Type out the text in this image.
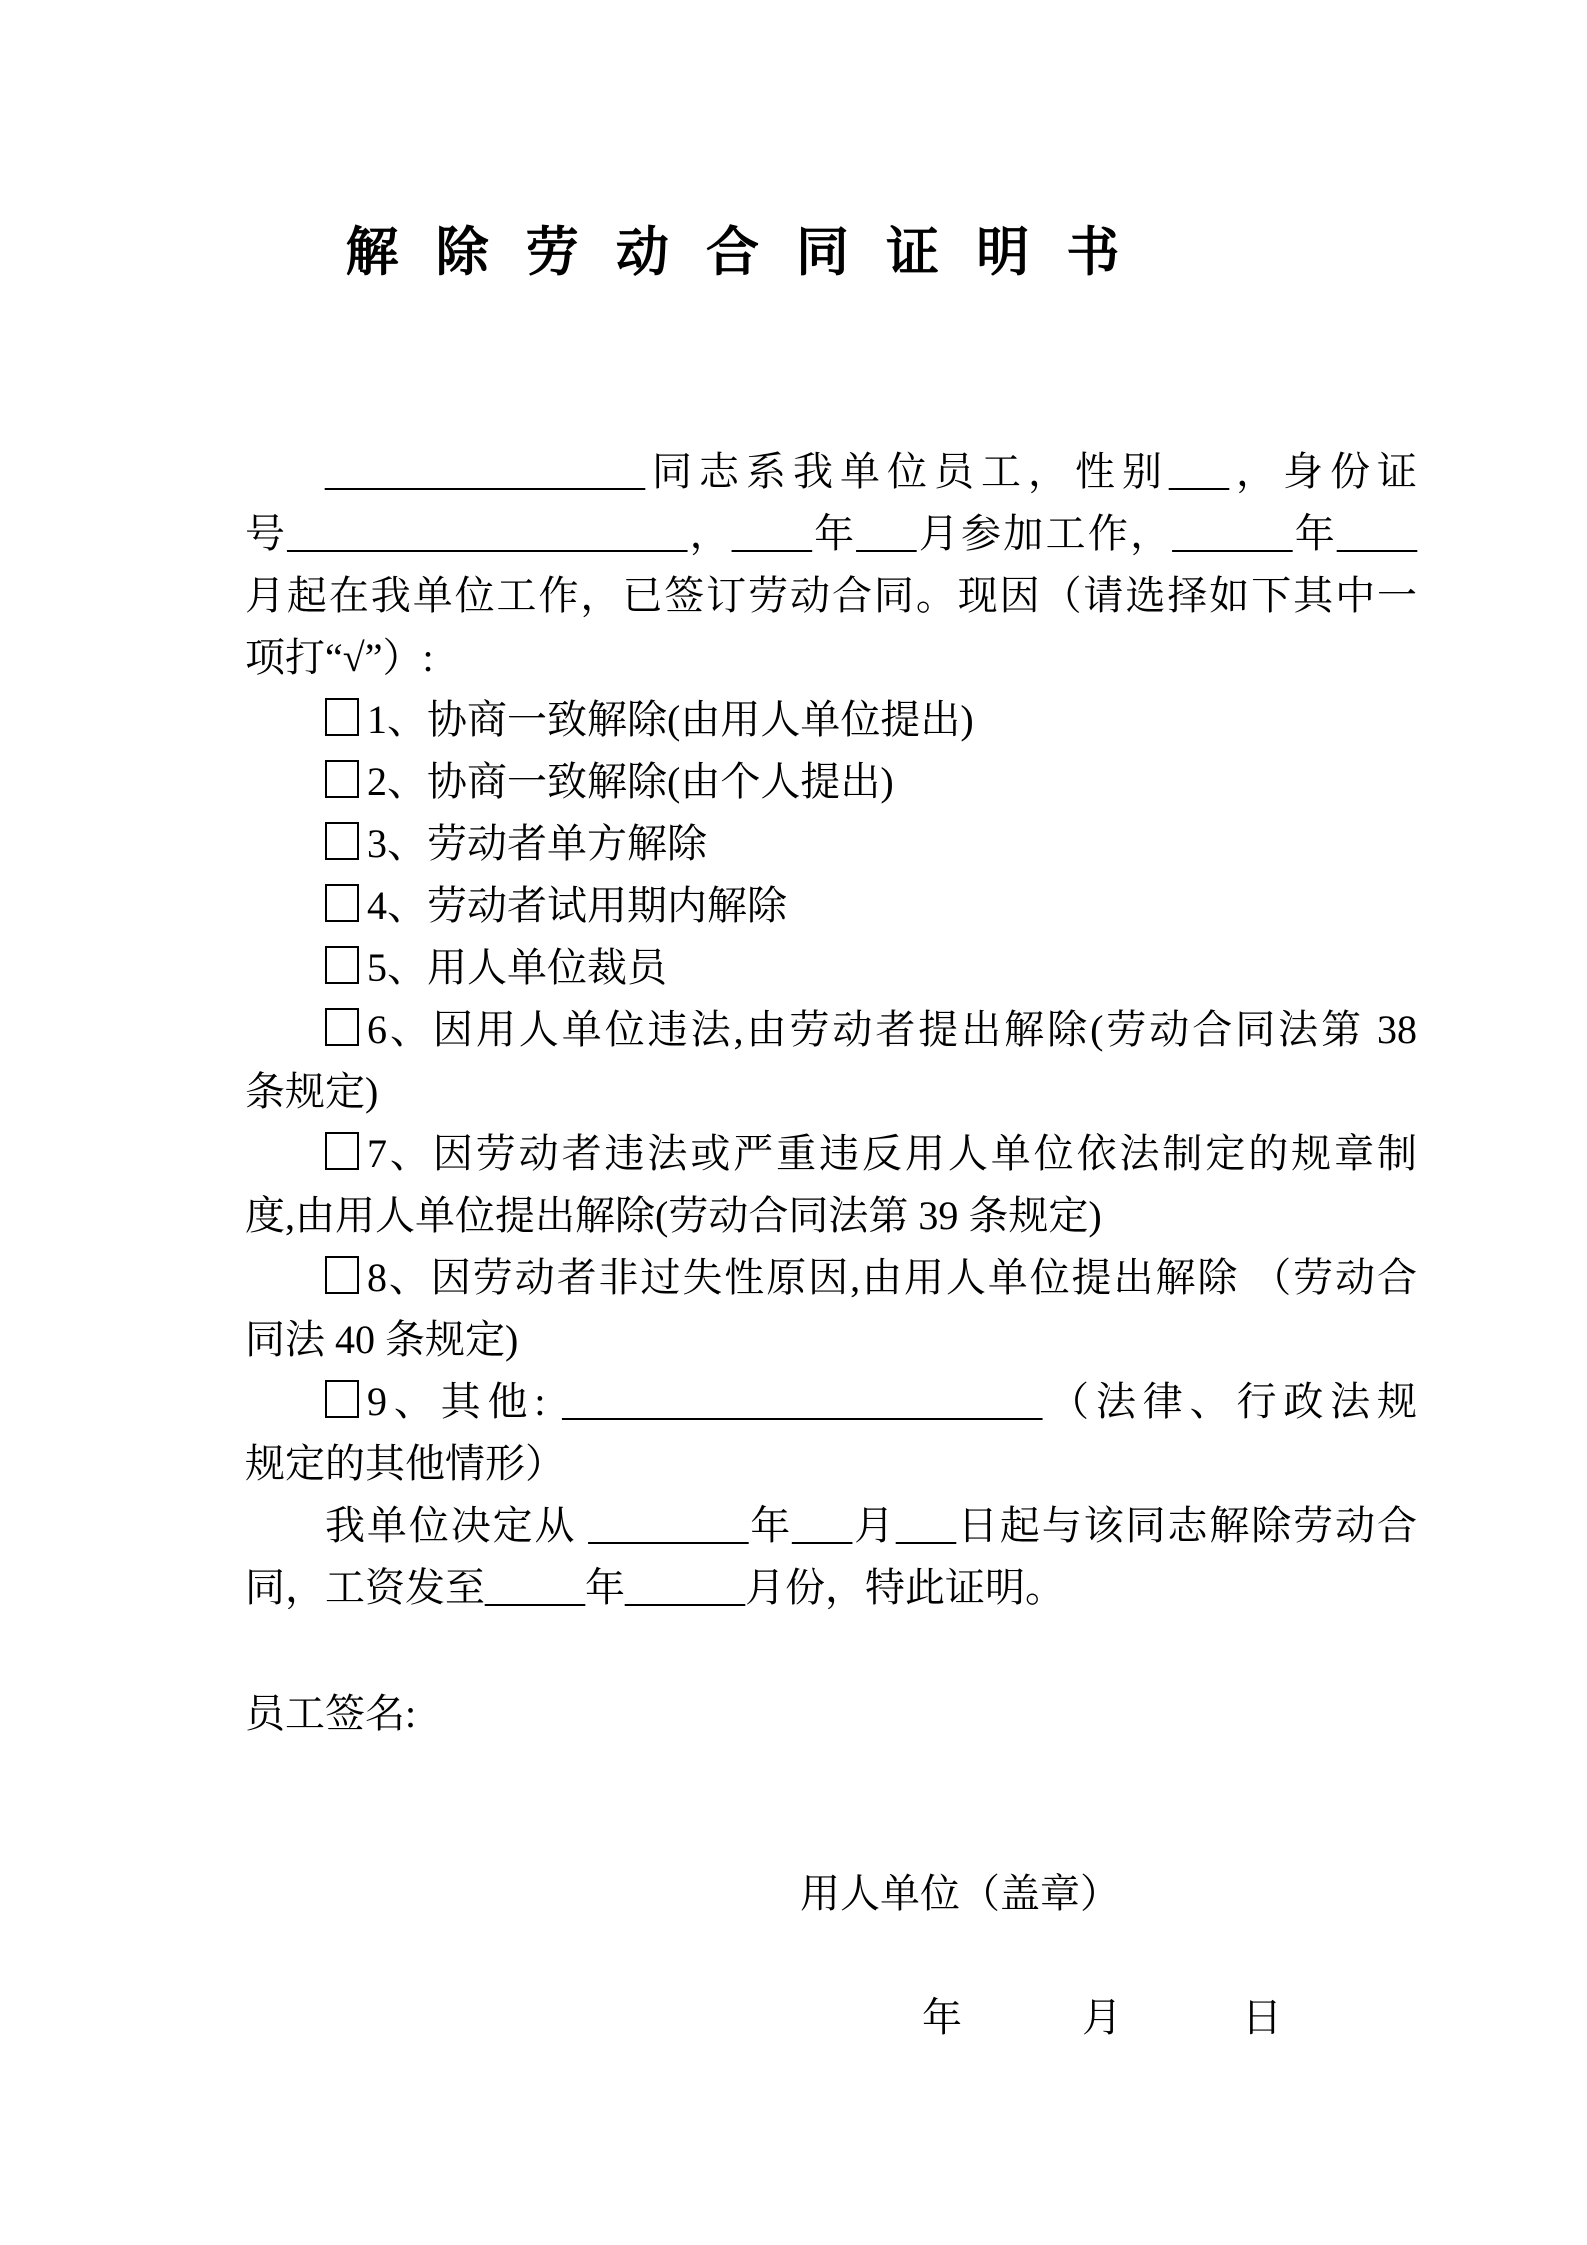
解除劳动合同证明书
________________同志系我单位员工，性别___，身份证
号____________________，____年___月参加工作，______年____
月起在我单位工作，已签订劳动合同。现因（请选择如下其中一
项打“√”）:
1、协商一致解除(由用人单位提出)
2、协商一致解除(由个人提出)
3、劳动者单方解除
4、劳动者试用期内解除
5、用人单位裁员
6、因用人单位违法,由劳动者提出解除(劳动合同法第 38
条规定)
7、因劳动者违法或严重违反用人单位依法制定的规章制
度,由用人单位提出解除(劳动合同法第 39 条规定)
8、因劳动者非过失性原因,由用人单位提出解除 （劳动合
同法 40 条规定)
9、其他: ________________________（法律、行政法规
规定的其他情形）
我单位决定从 ________年___月___日起与该同志解除劳动合
同，工资发至_____年______月份，特此证明。
员工签名:
用人单位（盖章）
年　　　月　　　日
